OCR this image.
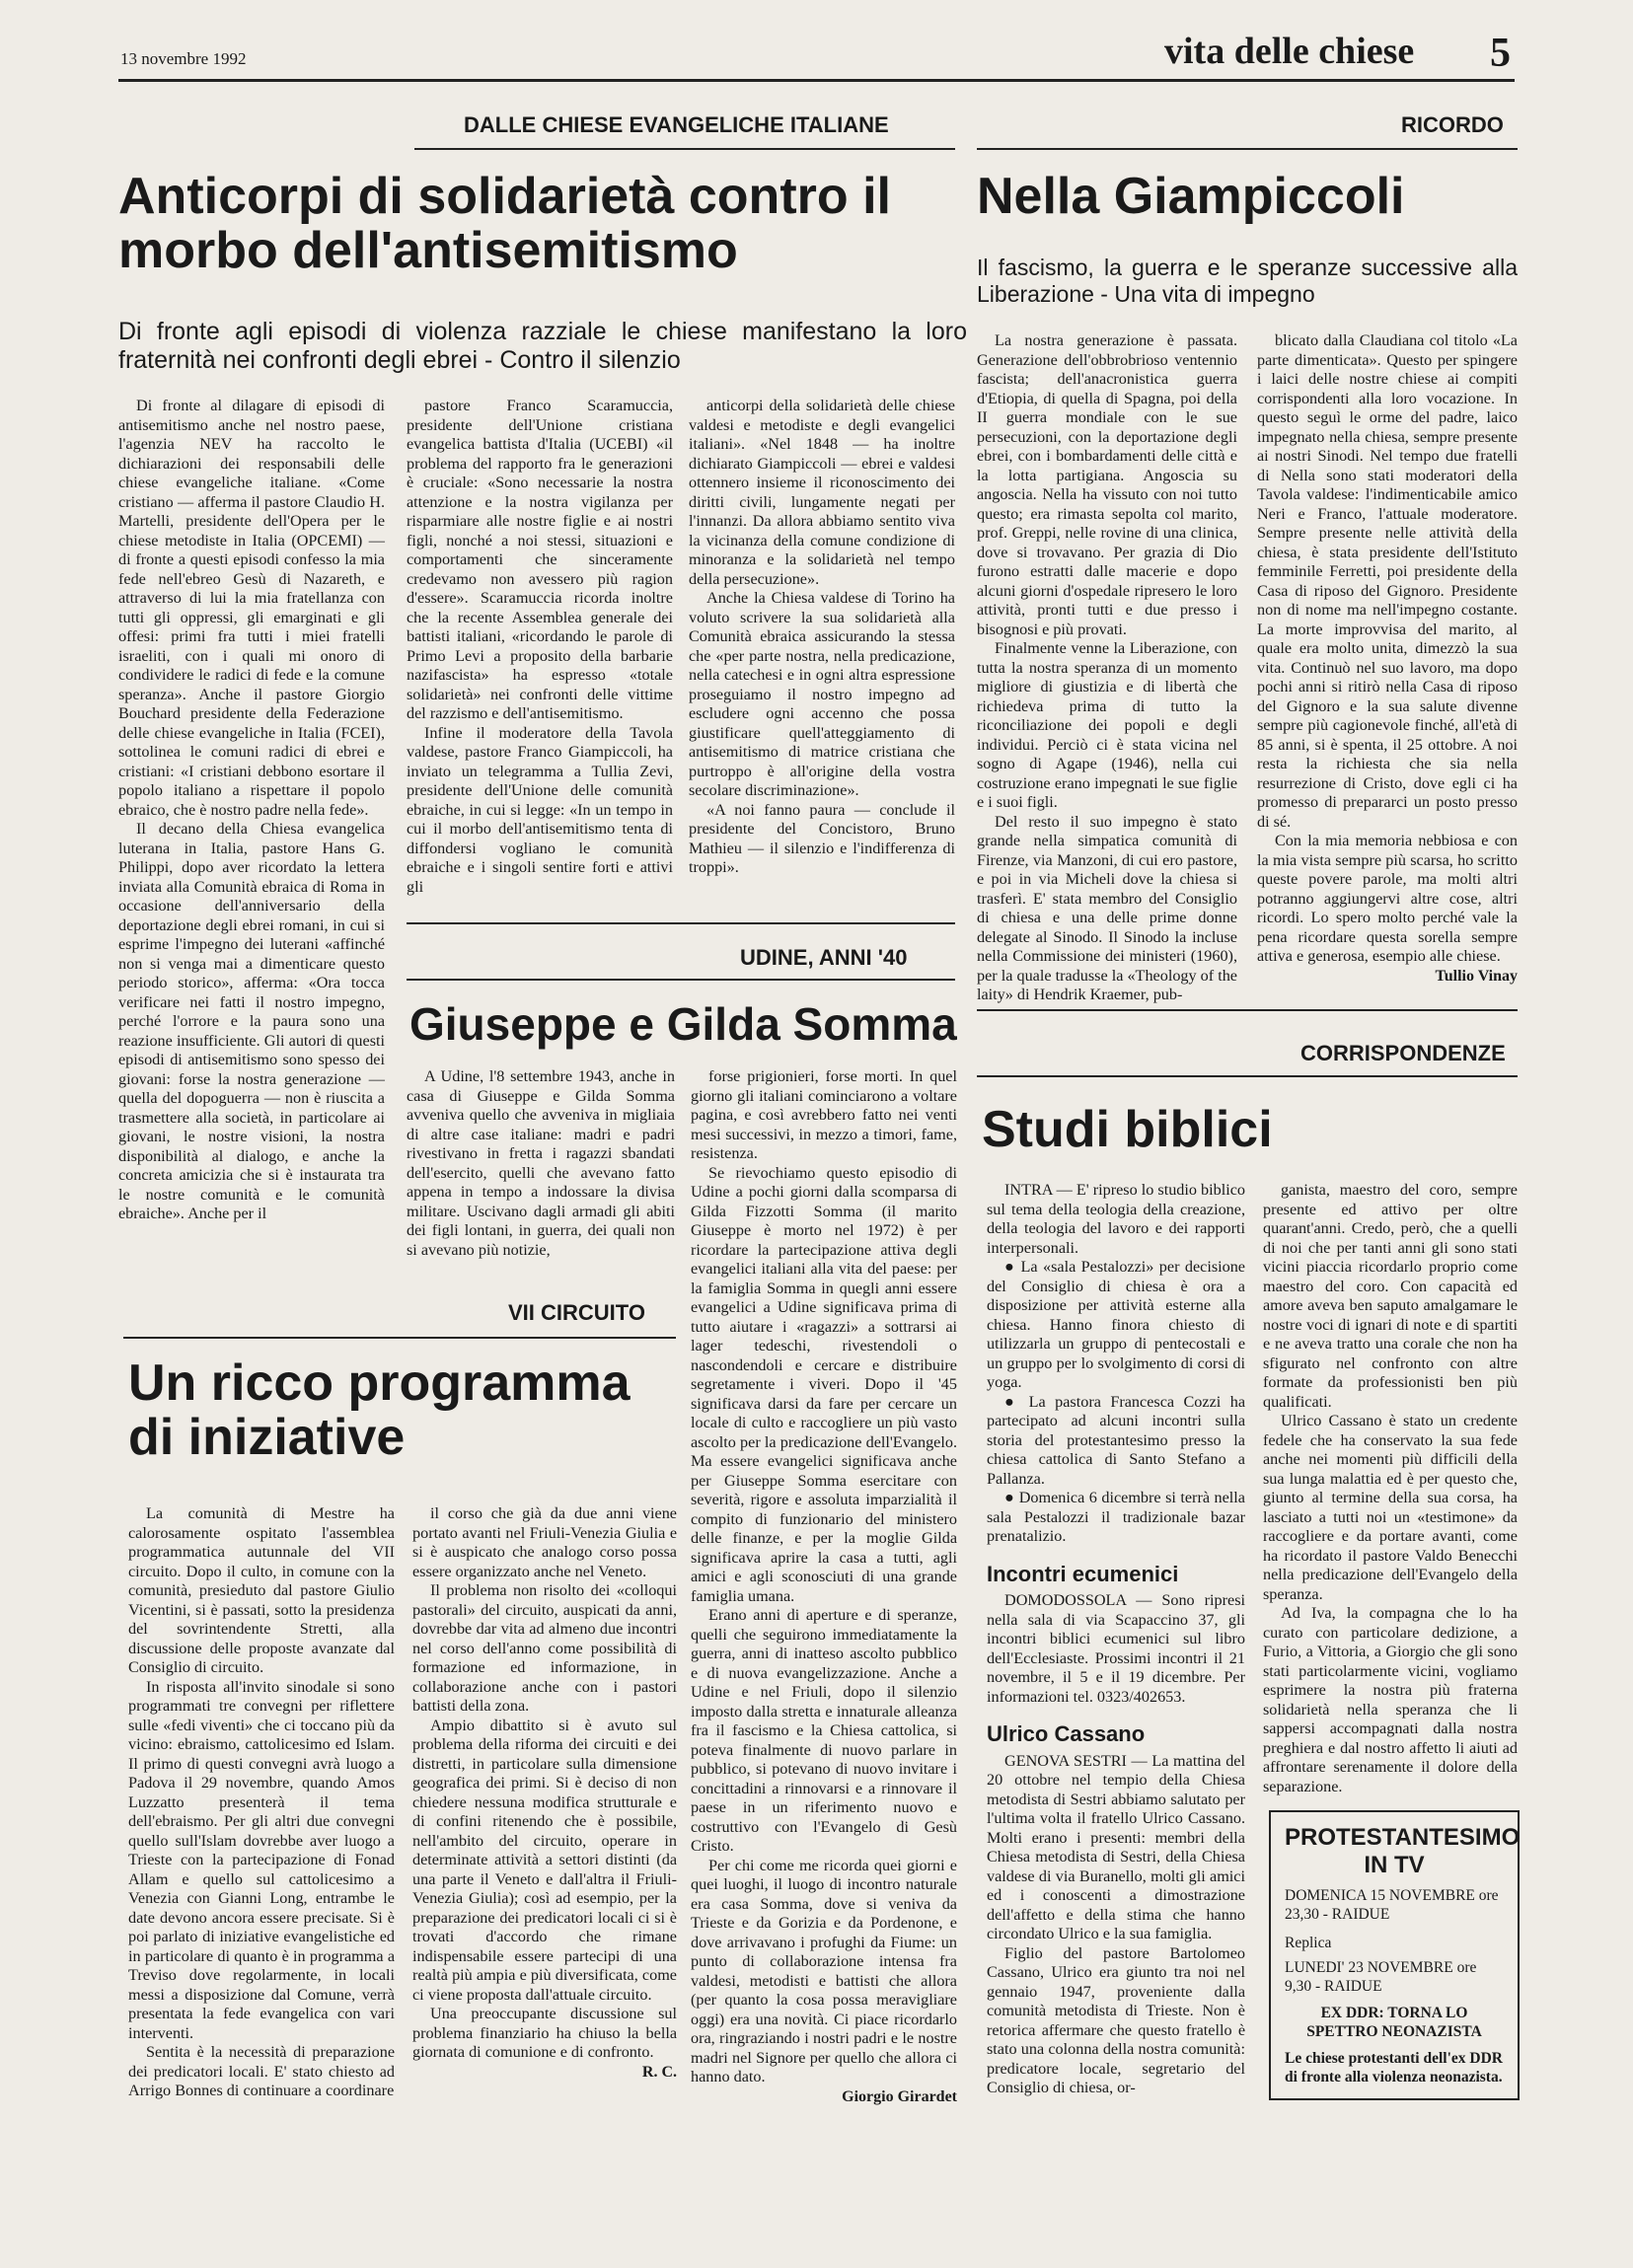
13 novembre 1992	vita delle chiese 5
DALLE CHIESE EVANGELICHE ITALIANE
Anticorpi di solidarietà contro il morbo dell'antisemitismo
Di fronte agli episodi di violenza razziale le chiese manifestano la loro fraternità nei confronti degli ebrei - Contro il silenzio

Di fronte al dilagare di episodi di antisemitismo anche nel nostro paese, l'agenzia NEV ha raccolto le dichiarazioni dei responsabili delle chiese evangeliche italiane. «Come cristiano — afferma il pastore Claudio H. Martelli, presidente dell'Opera per le chiese metodiste in Italia (OPCEMI) — di fronte a questi episodi confesso la mia fede nell'ebreo Gesù di Nazareth, e attraverso di lui la mia fratellanza con tutti gli oppressi, gli emarginati e gli offesi: primi fra tutti i miei fratelli israeliti, con i quali mi onoro di condividere le radici di fede e la comune speranza». Anche il pastore Giorgio Bouchard presidente della Federazione delle chiese evangeliche in Italia (FCEI), sottolinea le comuni radici di ebrei e cristiani: «I cristiani debbono esortare il popolo italiano a rispettare il popolo ebraico, che è nostro padre nella fede».

Il decano della Chiesa evangelica luterana in Italia, pastore Hans G. Philippi, dopo aver ricordato la lettera inviata alla Comunità ebraica di Roma in occasione dell'anniversario della deportazione degli ebrei romani, in cui si esprime l'impegno dei luterani «affinché non si venga mai a dimenticare questo periodo storico», afferma: «Ora tocca verificare nei fatti il nostro impegno, perché l'orrore e la paura sono una reazione insufficiente. Gli autori di questi episodi di antisemitismo sono spesso dei giovani: forse la nostra generazione — quella del dopoguerra — non è riuscita a trasmettere alla società, in particolare ai giovani, le nostre visioni, la nostra disponibilità al dialogo, e anche la concreta amicizia che si è instaurata tra le nostre comunità e le comunità ebraiche». Anche per il

pastore Franco Scaramuccia, presidente dell'Unione cristiana evangelica battista d'Italia (UCEBI) «il problema del rapporto fra le generazioni è cruciale: «Sono necessarie la nostra attenzione e la nostra vigilanza per risparmiare alle nostre figlie e ai nostri figli, nonché a noi stessi, situazioni e comportamenti che sinceramente credevamo non avessero più ragion d'essere». Scaramuccia ricorda inoltre che la recente Assemblea generale dei battisti italiani, «ricordando le parole di Primo Levi a proposito della barbarie nazifascista» ha espresso «totale solidarietà» nei confronti delle vittime del razzismo e dell'antisemitismo.

Infine il moderatore della Tavola valdese, pastore Franco Giampiccoli, ha inviato un telegramma a Tullia Zevi, presidente dell'Unione delle comunità ebraiche, in cui si legge: «In un tempo in cui il morbo dell'antisemitismo tenta di diffondersi vogliano le comunità ebraiche e i singoli sentire forti e attivi gli

anticorpi della solidarietà delle chiese valdesi e metodiste e degli evangelici italiani». «Nel 1848 — ha inoltre dichiarato Giampiccoli — ebrei e valdesi ottennero insieme il riconoscimento dei diritti civili, lungamente negati per l'innanzi. Da allora abbiamo sentito viva la vicinanza della comune condizione di minoranza e la solidarietà nel tempo della persecuzione».

Anche la Chiesa valdese di Torino ha voluto scrivere la sua solidarietà alla Comunità ebraica assicurando la stessa che «per parte nostra, nella predicazione, nella catechesi e in ogni altra espressione proseguiamo il nostro impegno ad escludere ogni accenno che possa giustificare quell'atteggiamento di antisemitismo di matrice cristiana che purtroppo è all'origine della vostra secolare discriminazione».

«A noi fanno paura — conclude il presidente del Concistoro, Bruno Mathieu — il silenzio e l'indifferenza di troppi».

RICORDO
Nella Giampiccoli
Il fascismo, la guerra e le speranze successive alla Liberazione - Una vita di impegno

La nostra generazione è passata. Generazione dell'obbrobrioso ventennio fascista; dell'anacronistica guerra d'Etiopia, di quella di Spagna, poi della II guerra mondiale con le sue persecuzioni, con la deportazione degli ebrei, con i bombardamenti delle città e la lotta partigiana. Angoscia su angoscia. Nella ha vissuto con noi tutto questo; era rimasta sepolta col marito, prof. Greppi, nelle rovine di una clinica, dove si trovavano. Per grazia di Dio furono estratti dalle macerie e dopo alcuni giorni d'ospedale ripresero le loro attività, pronti tutti e due presso i bisognosi e più provati.

Finalmente venne la Liberazione, con tutta la nostra speranza di un momento migliore di giustizia e di libertà che richiedeva prima di tutto la riconciliazione dei popoli e degli individui. Perciò ci è stata vicina nel sogno di Agape (1946), nella cui costruzione erano impegnati le sue figlie e i suoi figli.

Del resto il suo impegno è stato grande nella simpatica comunità di Firenze, via Manzoni, di cui ero pastore, e poi in via Micheli dove la chiesa si trasferì. E' stata membro del Consiglio di chiesa e una delle prime donne delegate al Sinodo. Il Sinodo la incluse nella Commissione dei ministeri (1960), per la quale tradusse la «Theology of the laity» di Hendrik Kraemer, pub-

blicato dalla Claudiana col titolo «La parte dimenticata». Questo per spingere i laici delle nostre chiese ai compiti corrispondenti alla loro vocazione. In questo seguì le orme del padre, laico impegnato nella chiesa, sempre presente ai nostri Sinodi. Nel tempo due fratelli di Nella sono stati moderatori della Tavola valdese: l'indimenticabile amico Neri e Franco, l'attuale moderatore. Sempre presente nelle attività della chiesa, è stata presidente dell'Istituto femminile Ferretti, poi presidente della Casa di riposo del Gignoro. Presidente non di nome ma nell'impegno costante. La morte improvvisa del marito, al quale era molto unita, dimezzò la sua vita. Continuò nel suo lavoro, ma dopo pochi anni si ritirò nella Casa di riposo del Gignoro e la sua salute divenne sempre più cagionevole finché, all'età di 85 anni, si è spenta, il 25 ottobre. A noi resta la richiesta che sia nella resurrezione di Cristo, dove egli ci ha promesso di prepararci un posto presso di sé.

Con la mia memoria nebbiosa e con la mia vista sempre più scarsa, ho scritto queste povere parole, ma molti altri potranno aggiungervi altre cose, altri ricordi. Lo spero molto perché vale la pena ricordare questa sorella sempre attiva e generosa, esempio alle chiese.

Tullio Vinay
UDINE, ANNI '40
Giuseppe e Gilda Somma

A Udine, l'8 settembre 1943, anche in casa di Giuseppe e Gilda Somma avveniva quello che avveniva in migliaia di altre case italiane: madri e padri rivestivano in fretta i ragazzi sbandati dell'esercito, quelli che avevano fatto appena in tempo a indossare la divisa militare. Uscivano dagli armadi gli abiti dei figli lontani, in guerra, dei quali non si avevano più notizie,

forse prigionieri, forse morti. In quel giorno gli italiani cominciarono a voltare pagina, e così avrebbero fatto nei venti mesi successivi, in mezzo a timori, fame, resistenza.

Se rievochiamo questo episodio di Udine a pochi giorni dalla scomparsa di Gilda Fizzotti Somma (il marito Giuseppe è morto nel 1972) è per ricordare la partecipazione attiva degli evangelici italiani alla vita del paese: per la famiglia Somma in quegli anni essere evangelici a Udine significava prima di tutto aiutare i «ragazzi» a sottrarsi ai lager tedeschi, rivestendoli o nascondendoli e cercare e distribuire segretamente i viveri. Dopo il '45 significava darsi da fare per cercare un locale di culto e raccogliere un più vasto ascolto per la predicazione dell'Evangelo. Ma essere evangelici significava anche per Giuseppe Somma esercitare con severità, rigore e assoluta imparzialità il compito di funzionario del ministero delle finanze, e per la moglie Gilda significava aprire la casa a tutti, agli amici e agli sconosciuti di una grande famiglia umana.

Erano anni di aperture e di speranze, quelli che seguirono immediatamente la guerra, anni di inatteso ascolto pubblico e di nuova evangelizzazione. Anche a Udine e nel Friuli, dopo il silenzio imposto dalla stretta e innaturale alleanza fra il fascismo e la Chiesa cattolica, si poteva finalmente di nuovo parlare in pubblico, si potevano di nuovo invitare i concittadini a rinnovarsi e a rinnovare il paese in un riferimento nuovo e costruttivo con l'Evangelo di Gesù Cristo.

Per chi come me ricorda quei giorni e quei luoghi, il luogo di incontro naturale era casa Somma, dove si veniva da Trieste e da Gorizia e da Pordenone, e dove arrivavano i profughi da Fiume: un punto di collaborazione intensa fra valdesi, metodisti e battisti che allora (per quanto la cosa possa meravigliare oggi) era una novità. Ci piace ricordarlo ora, ringraziando i nostri padri e le nostre madri nel Signore per quello che allora ci hanno dato.

Giorgio Girardet
VII CIRCUITO
Un ricco programma di iniziative

La comunità di Mestre ha calorosamente ospitato l'assemblea programmatica autunnale del VII circuito. Dopo il culto, in comune con la comunità, presieduto dal pastore Giulio Vicentini, si è passati, sotto la presidenza del sovrintendente Stretti, alla discussione delle proposte avanzate dal Consiglio di circuito.

In risposta all'invito sinodale si sono programmati tre convegni per riflettere sulle «fedi viventi» che ci toccano più da vicino: ebraismo, cattolicesimo ed Islam. Il primo di questi convegni avrà luogo a Padova il 29 novembre, quando Amos Luzzatto presenterà il tema dell'ebraismo. Per gli altri due convegni quello sull'Islam dovrebbe aver luogo a Trieste con la partecipazione di Fonad Allam e quello sul cattolicesimo a Venezia con Gianni Long, entrambe le date devono ancora essere precisate. Si è poi parlato di iniziative evangelistiche ed in particolare di quanto è in programma a Treviso dove regolarmente, in locali messi a disposizione dal Comune, verrà presentata la fede evangelica con vari interventi.

Sentita è la necessità di preparazione dei predicatori locali. E' stato chiesto ad Arrigo Bonnes di continuare a coordinare

il corso che già da due anni viene portato avanti nel Friuli-Venezia Giulia e si è auspicato che analogo corso possa essere organizzato anche nel Veneto.

Il problema non risolto dei «colloqui pastorali» del circuito, auspicati da anni, dovrebbe dar vita ad almeno due incontri nel corso dell'anno come possibilità di formazione ed informazione, in collaborazione anche con i pastori battisti della zona.

Ampio dibattito si è avuto sul problema della riforma dei circuiti e dei distretti, in particolare sulla dimensione geografica dei primi. Si è deciso di non chiedere nessuna modifica strutturale e di confini ritenendo che è possibile, nell'ambito del circuito, operare in determinate attività a settori distinti (da una parte il Veneto e dall'altra il Friuli-Venezia Giulia); così ad esempio, per la preparazione dei predicatori locali ci si è trovati d'accordo che rimane indispensabile essere partecipi di una realtà più ampia e più diversificata, come ci viene proposta dall'attuale circuito.

Una preoccupante discussione sul problema finanziario ha chiuso la bella giornata di comunione e di confronto.

R. C.
CORRISPONDENZE
Studi biblici

INTRA — E' ripreso lo studio biblico sul tema della teologia della creazione, della teologia del lavoro e dei rapporti interpersonali.

● La «sala Pestalozzi» per decisione del Consiglio di chiesa è ora a disposizione per attività esterne alla chiesa. Hanno finora chiesto di utilizzarla un gruppo di pentecostali e un gruppo per lo svolgimento di corsi di yoga.

● La pastora Francesca Cozzi ha partecipato ad alcuni incontri sulla storia del protestantesimo presso la chiesa cattolica di Santo Stefano a Pallanza.

● Domenica 6 dicembre si terrà nella sala Pestalozzi il tradizionale bazar prenatalizio.

Incontri ecumenici

DOMODOSSOLA — Sono ripresi nella sala di via Scapaccino 37, gli incontri biblici ecumenici sul libro dell'Ecclesiaste. Prossimi incontri il 21 novembre, il 5 e il 19 dicembre. Per informazioni tel. 0323/402653.

Ulrico Cassano

GENOVA SESTRI — La mattina del 20 ottobre nel tempio della Chiesa metodista di Sestri abbiamo salutato per l'ultima volta il fratello Ulrico Cassano. Molti erano i presenti: membri della Chiesa metodista di Sestri, della Chiesa valdese di via Buranello, molti gli amici ed i conoscenti a dimostrazione dell'affetto e della stima che hanno circondato Ulrico e la sua famiglia.

Figlio del pastore Bartolomeo Cassano, Ulrico era giunto tra noi nel gennaio 1947, proveniente dalla comunità metodista di Trieste. Non è retorica affermare che questo fratello è stato una colonna della nostra comunità: predicatore locale, segretario del Consiglio di chiesa, or-

ganista, maestro del coro, sempre presente ed attivo per oltre quarant'anni. Credo, però, che a quelli di noi che per tanti anni gli sono stati vicini piaccia ricordarlo proprio come maestro del coro. Con capacità ed amore aveva ben saputo amalgamare le nostre voci di ignari di note e di spartiti e ne aveva tratto una corale che non ha sfigurato nel confronto con altre formate da professionisti ben più qualificati.

Ulrico Cassano è stato un credente fedele che ha conservato la sua fede anche nei momenti più difficili della sua lunga malattia ed è per questo che, giunto al termine della sua corsa, ha lasciato a tutti noi un «testimone» da raccogliere e da portare avanti, come ha ricordato il pastore Valdo Benecchi nella predicazione dell'Evangelo della speranza.

Ad Iva, la compagna che lo ha curato con particolare dedizione, a Furio, a Vittoria, a Giorgio che gli sono stati particolarmente vicini, vogliamo esprimere la nostra più fraterna solidarietà nella speranza che li sappersi accompagnati dalla nostra preghiera e dal nostro affetto li aiuti ad affrontare serenamente il dolore della separazione.

PROTESTANTESIMO IN TV
DOMENICA 15 NOVEMBRE ore 23,30 - RAIDUE
Replica
LUNEDI' 23 NOVEMBRE ore 9,30 - RAIDUE
EX DDR: TORNA LO SPETTRO NEONAZISTA
Le chiese protestanti dell'ex DDR di fronte alla violenza neonazista.
